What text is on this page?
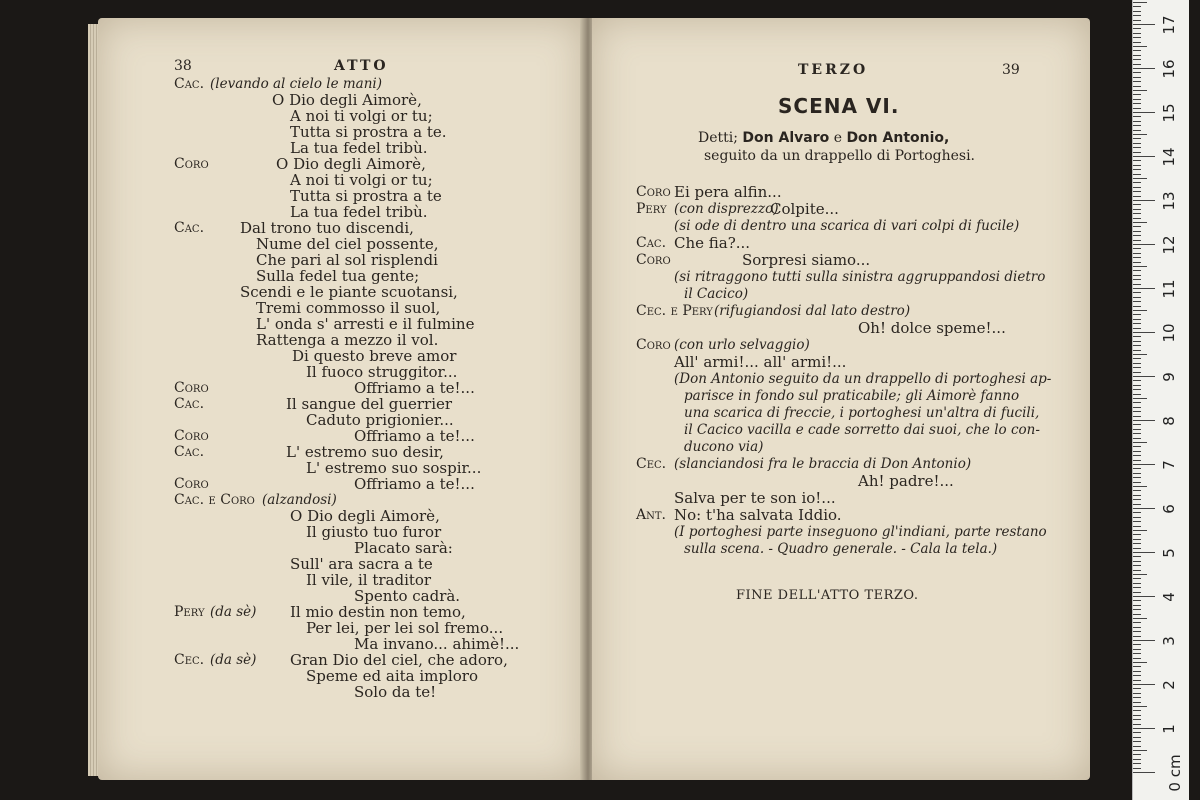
38	ATTO
Cac. (levando al cielo le mani)
O Dio degli Aimorè,
A noi ti volgi or tu;
Tutta si prostra a te.
La tua fedel tribù.
Coro	O Dio degli Aimorè,
A noi ti volgi or tu;
Tutta si prostra a te
La tua fedel tribù.
Cac. Dal trono tuo discendi,
Nume del ciel possente,
Che pari al sol risplendi
Sulla fedel tua gente;
Scendi e le piante scuotansi,
Tremi commosso il suol,
L' onda s' arresti e il fulmine
Rattenga a mezzo il vol.
Di questo breve amor
Il fuoco struggitor...
Coro	Offriamo a te!...
Cac.	Il sangue del guerrier
Caduto prigionier...
Coro	Offriamo a te!...
Cac.	L' estremo suo desir,
L' estremo suo sospir...
Coro	Offriamo a te!...
Cac. e Coro (alzandosi)
O Dio degli Aimorè,
Il giusto tuo furor
Placato sarà:
Sull' ara sacra a te
Il vile, il traditor
Spento cadrà.
Pery (da sè) Il mio destin non temo,
Per lei, per lei sol fremo...
Ma invano... ahimè!...
Cec. (da sè) Gran Dio del ciel, che adoro,
Speme ed aita imploro
Solo da te!
TERZO	39
SCENA VI.
Detti; Don Alvaro e Don Antonio,
seguito da un drappello di Portoghesi.
Coro Ei pera alfin...
Pery (con disprezzo)
Colpite...
(si ode di dentro una scarica di vari colpi di fucile)
Cac. Che fia?...
Coro	Sorpresi siamo...
(si ritraggono tutti sulla sinistra aggruppandosi dietro
il Cacico)
Cec. e Pery (rifugiandosi dal lato destro)
Oh! dolce speme!...
Coro (con urlo selvaggio)
All' armi!... all' armi!...
(Don Antonio seguito da un drappello di portoghesi ap-
parisce in fondo sul praticabile; gli Aimorè fanno
una scarica di freccie, i portoghesi un'altra di fucili,
il Cacico vacilla e cade sorretto dai suoi, che lo con-
ducono via)
Cec. (slanciandosi fra le braccia di Don Antonio)
Ah! padre!...
Salva per te son io!...
Ant. No: t'ha salvata Iddio.
(I portoghesi parte inseguono gl'indiani, parte restano
sulla scena. - Quadro generale. - Cala la tela.)
FINE DELL'ATTO TERZO.
0 cm
1
2
3
4
5
6
7
8
9
10
11
12
13
14
15
16
17
